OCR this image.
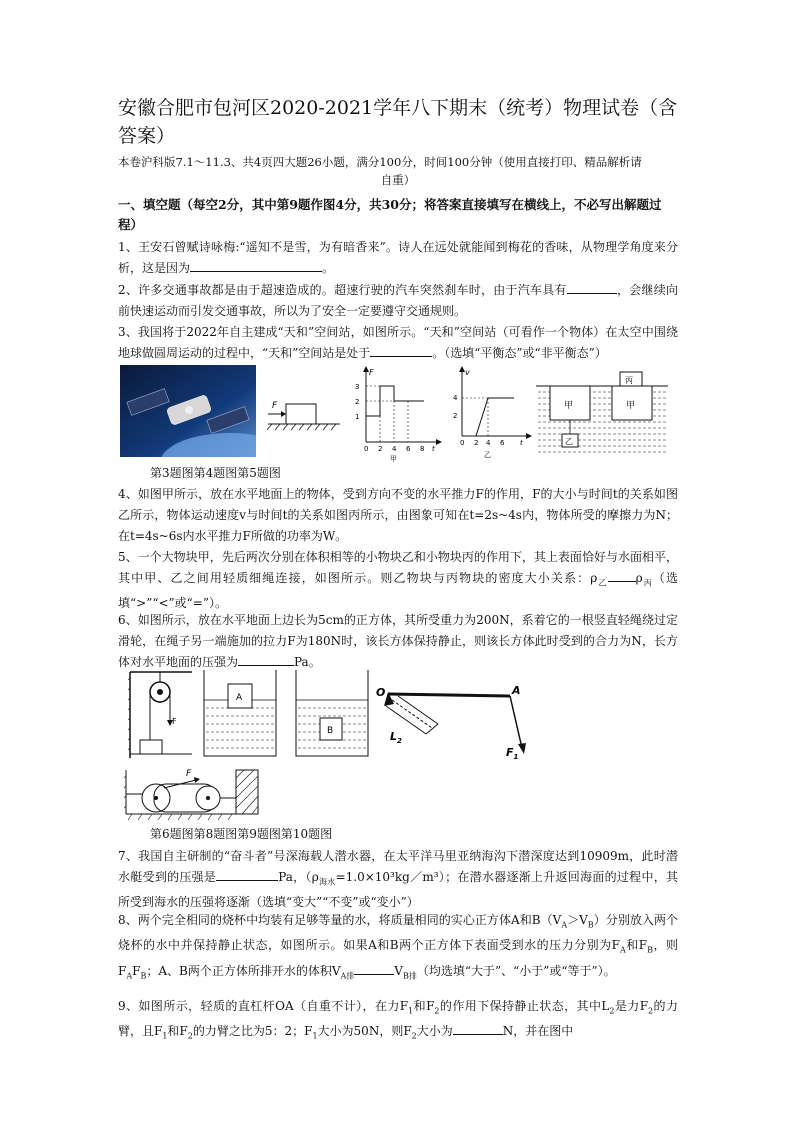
安徽合肥市包河区2020-2021学年八下期末（统考）物理试卷（含答案）
本卷沪科版7.1～11.3、共4页四大题26小题，满分100分，时间100分钟（使用直接打印、精品解析请
自重）
一、填空题（每空2分，其中第9题作图4分，共30分；将答案直接填写在横线上，不必写出解题过程）
1、王安石曾赋诗咏梅:“遥知不是雪，为有暗香来”。诗人在远处就能闻到梅花的香味，从物理学角度来分析，这是因为	。
2、许多交通事故都是由于超速造成的。超速行驶的汽车突然刹车时，由于汽车具有	，会继续向前快速运动而引发交通事故，所以为了安全一定要遵守交通规则。
3、我国将于2022年自主建成“天和”空间站，如图所示。“天和”空间站（可看作一个物体）在太空中围绕地球做圆周运动的过程中，“天和”空间站是处于	。（选填“平衡态”或“非平衡态”）
F
F
3
2
1
0 2 4 6 8 t
甲
v
4
2
0 2 4 6 t
乙
甲
乙
甲
丙
第3题图第4题图第5题图
4、如图甲所示，放在水平地面上的物体，受到方向不变的水平推力F的作用，F的大小与时间t的关系如图乙所示，物体运动速度v与时间t的关系如图丙所示，由图象可知在t=2s~4s内，物体所受的摩擦力为N；在t=4s~6s内水平推力F所做的功率为W。
5、一个大物块甲，先后两次分别在体积相等的小物块乙和小物块丙的作用下，其上表面恰好与水面相平，其中甲、乙之间用轻质细绳连接，如图所示。则乙物块与丙物块的密度大小关系：$\rho_乙$ $\rho_丙$（选填“>”“<”或“=”）。
6、如图所示，放在水平地面上边长为5cm的正方体，其所受重力为200N，系着它的一根竖直轻绳绕过定滑轮，在绳子另一端施加的拉力F为180N时，该长方体保持静止，则该长方体此时受到的合力为N，长方体对水平地面的压强为	Pa。
F
A
B
O	A
$F_1$
$L_2$
F
第6题图第8题图第9题图第10题图
7、我国自主研制的“奋斗者”号深海载人潜水器，在太平洋马里亚纳海沟下潜深度达到10909m，此时潜水艇受到的压强是	Pa，$(\rho_{海水}=1.0\times 10^3kg/m^3)$；在潜水器逐渐上升返回海面的过程中，其所受到海水的压强将逐渐（选填“变大”“不变”或“变小”）
8、两个完全相同的烧杯中均装有足够等量的水，将质量相同的实心正方体A和$B(V_A>V_B)$分别放入两个烧杯的水中并保持静止状态，如图所示。如果A和B两个正方体下表面受到水的压力分别为$F_A$和$F_B$，则$F_AF_B$；A、B两个正方体所排开水的体积$V_{A排}$	$V_{B排}$（均选填“大于”、“小于”或“等于”）。
9、如图所示，轻质的直杠杆OA（自重不计），在力$F_1$和$F_2$的作用下保持静止状态，其中$L_2$是力$F_2$的力臂，且$F_1$和$F_2$的力臂之比为5：2；$F_1$大小为50N，则$F_2$大小为	N，并在图中
